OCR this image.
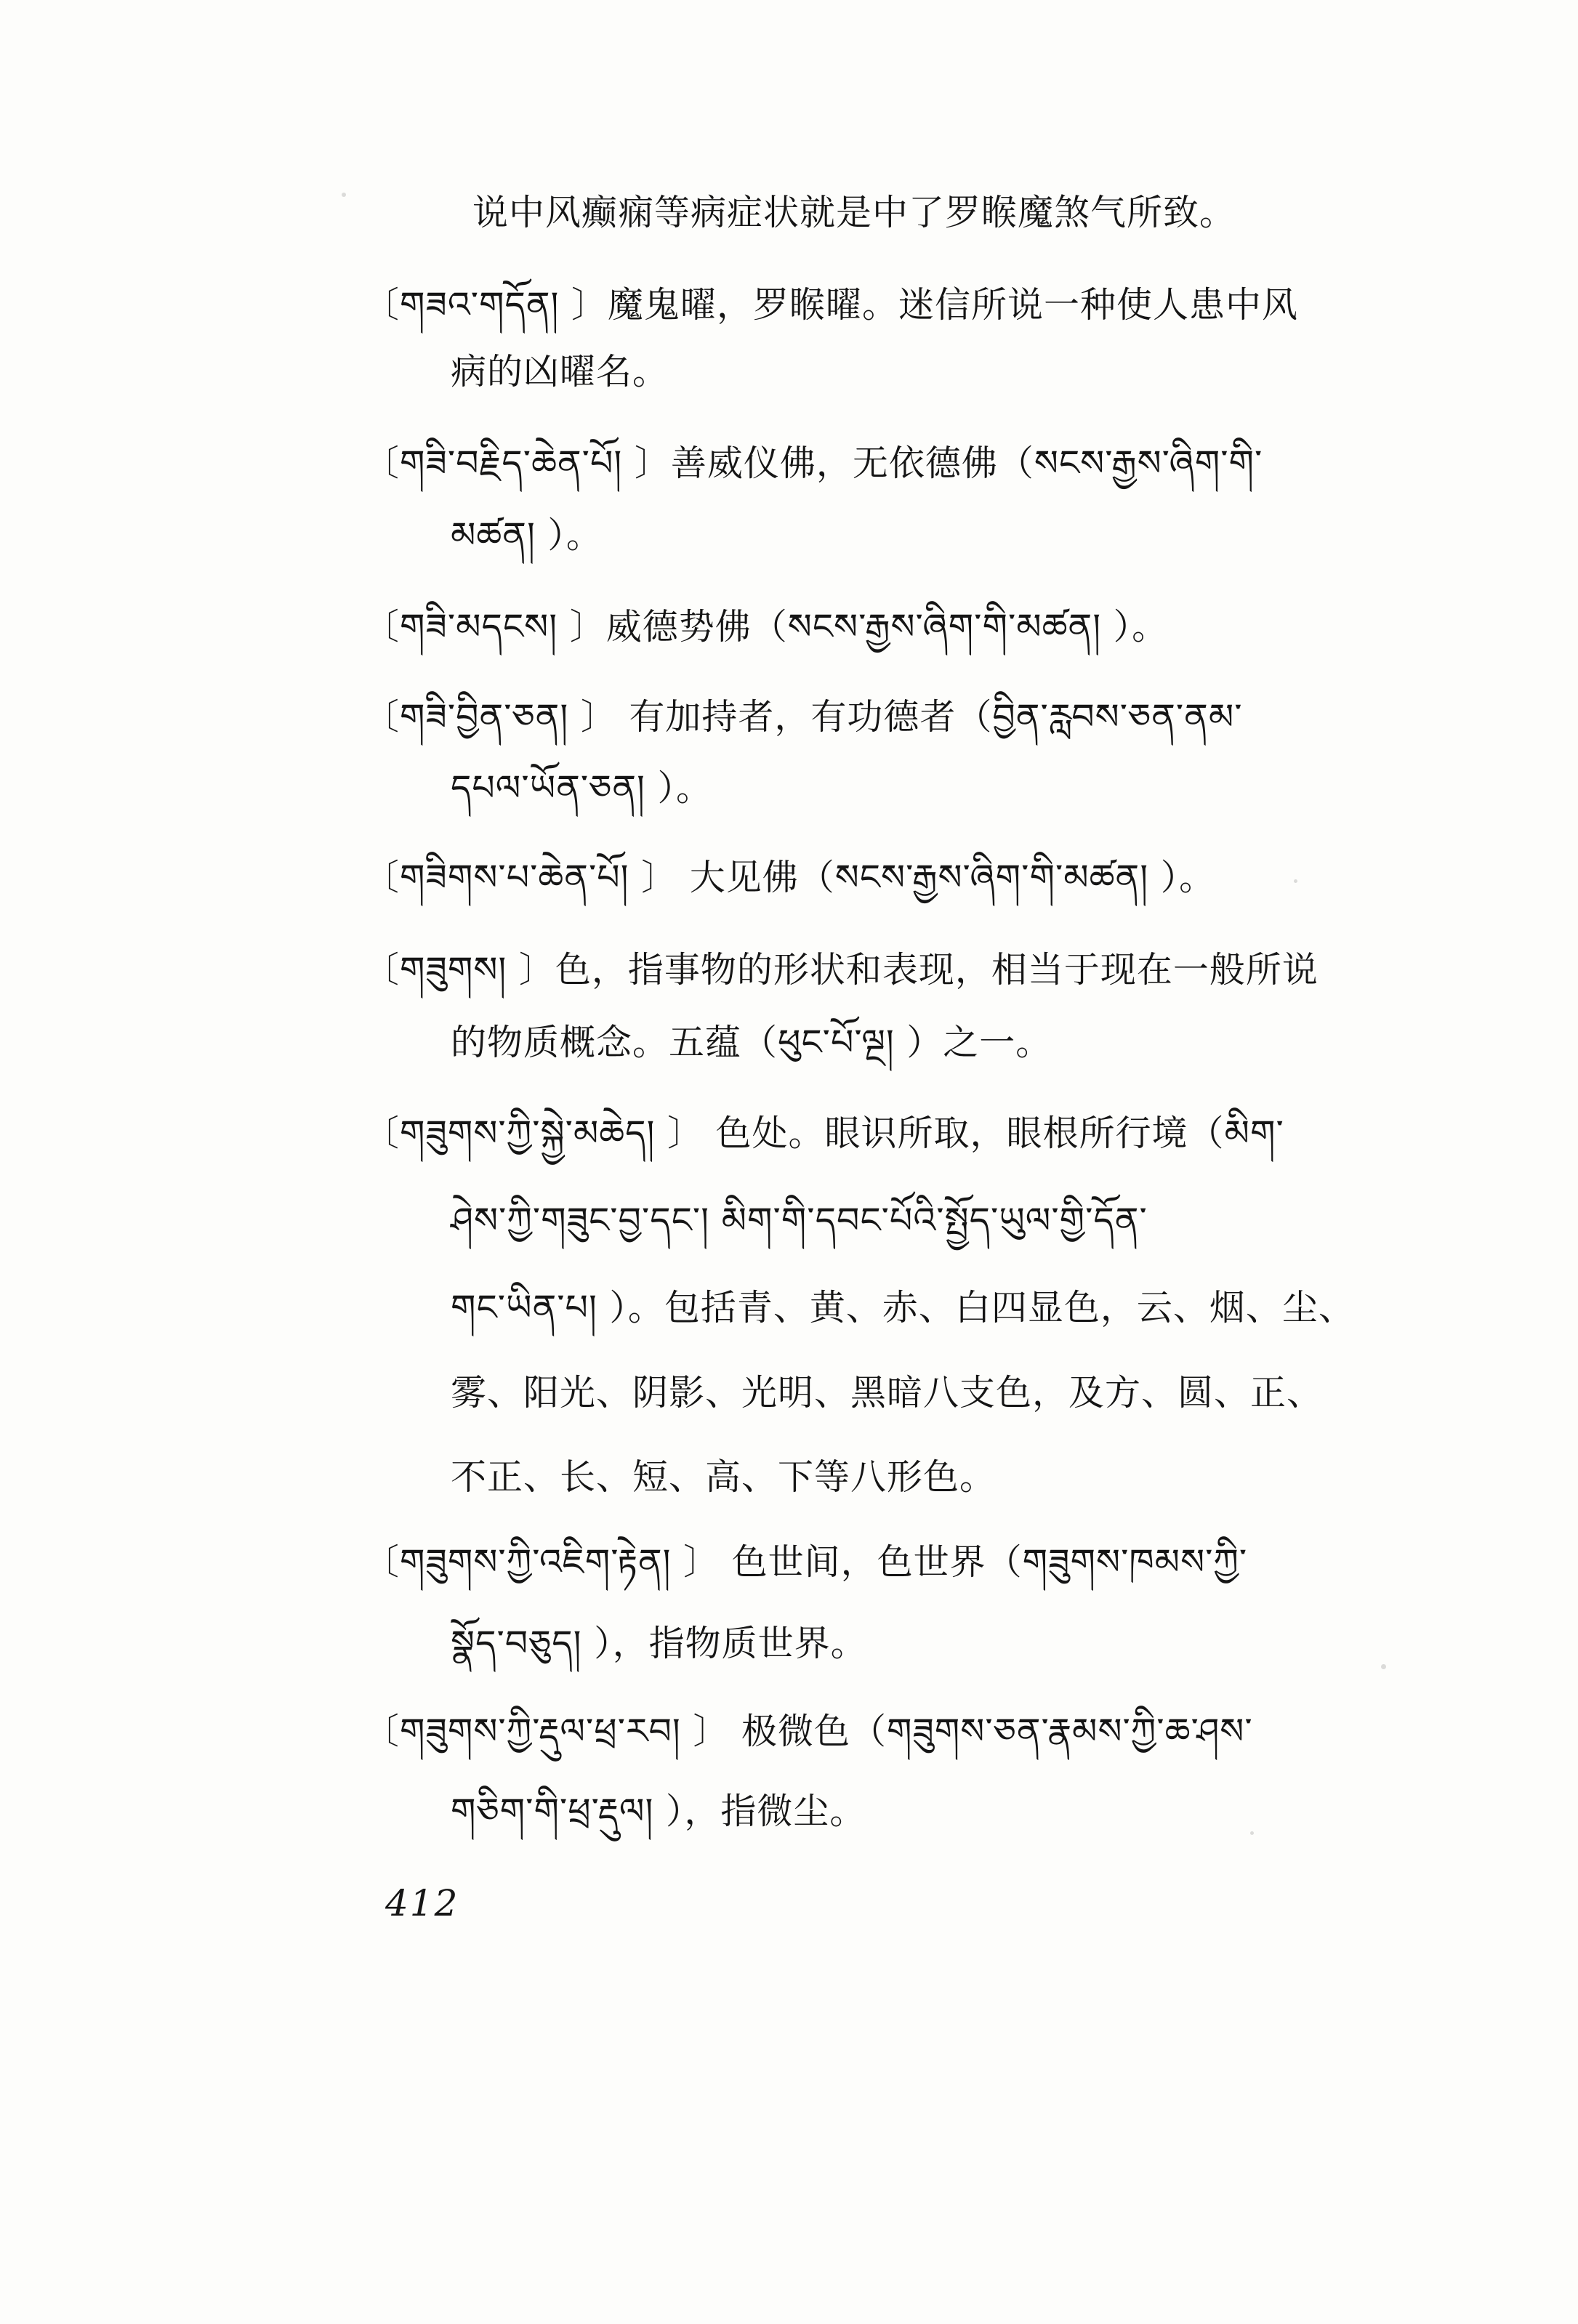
说中风癫痫等病症状就是中了罗睺魔煞气所致。
〔གཟའ་གདོན། 〕魔鬼曜，罗睺曜。迷信所说一种使人患中风
病的凶曜名。
〔གཟི་བརྗིད་ཆེན་པོ། 〕善威仪佛，无依德佛（སངས་རྒྱས་ཞིག་གི་
མཚན། ）。
〔གཟི་མདངས། 〕威德势佛（སངས་རྒྱས་ཞིག་གི་མཚན། ）。
〔གཟི་བྱིན་ཅན། 〕 有加持者，有功德者（བྱིན་རླབས་ཅན་ནམ་
དཔལ་ཡོན་ཅན། ）。
〔གཟིགས་པ་ཆེན་པོ། 〕 大见佛（སངས་རྒྱས་ཞིག་གི་མཚན། ）。
〔གཟུགས། 〕色，指事物的形状和表现，相当于现在一般所说
的物质概念。五蕴（ཕུང་པོ་ལྔ། ）之一。
〔གཟུགས་ཀྱི་སྐྱེ་མཆེད། 〕 色处。眼识所取，眼根所行境（མིག་
ཤེས་ཀྱི་གཟུང་བྱ་དང་། མིག་གི་དབང་པོའི་སྤྱོད་ཡུལ་གྱི་དོན་
གང་ཡིན་པ། ）。包括青、黄、赤、白四显色，云、烟、尘、
雾、阳光、阴影、光明、黑暗八支色，及方、圆、正、
不正、长、短、高、下等八形色。
〔གཟུགས་ཀྱི་འཇིག་རྟེན། 〕 色世间，色世界（གཟུགས་ཁམས་ཀྱི་
སྣོད་བཅུད། ），指物质世界。
〔གཟུགས་ཀྱི་རྡུལ་ཕྲ་རབ། 〕 极微色（གཟུགས་ཅན་རྣམས་ཀྱི་ཆ་ཤས་
གཅིག་གི་ཕྲ་རྡུལ། ），指微尘。
412
